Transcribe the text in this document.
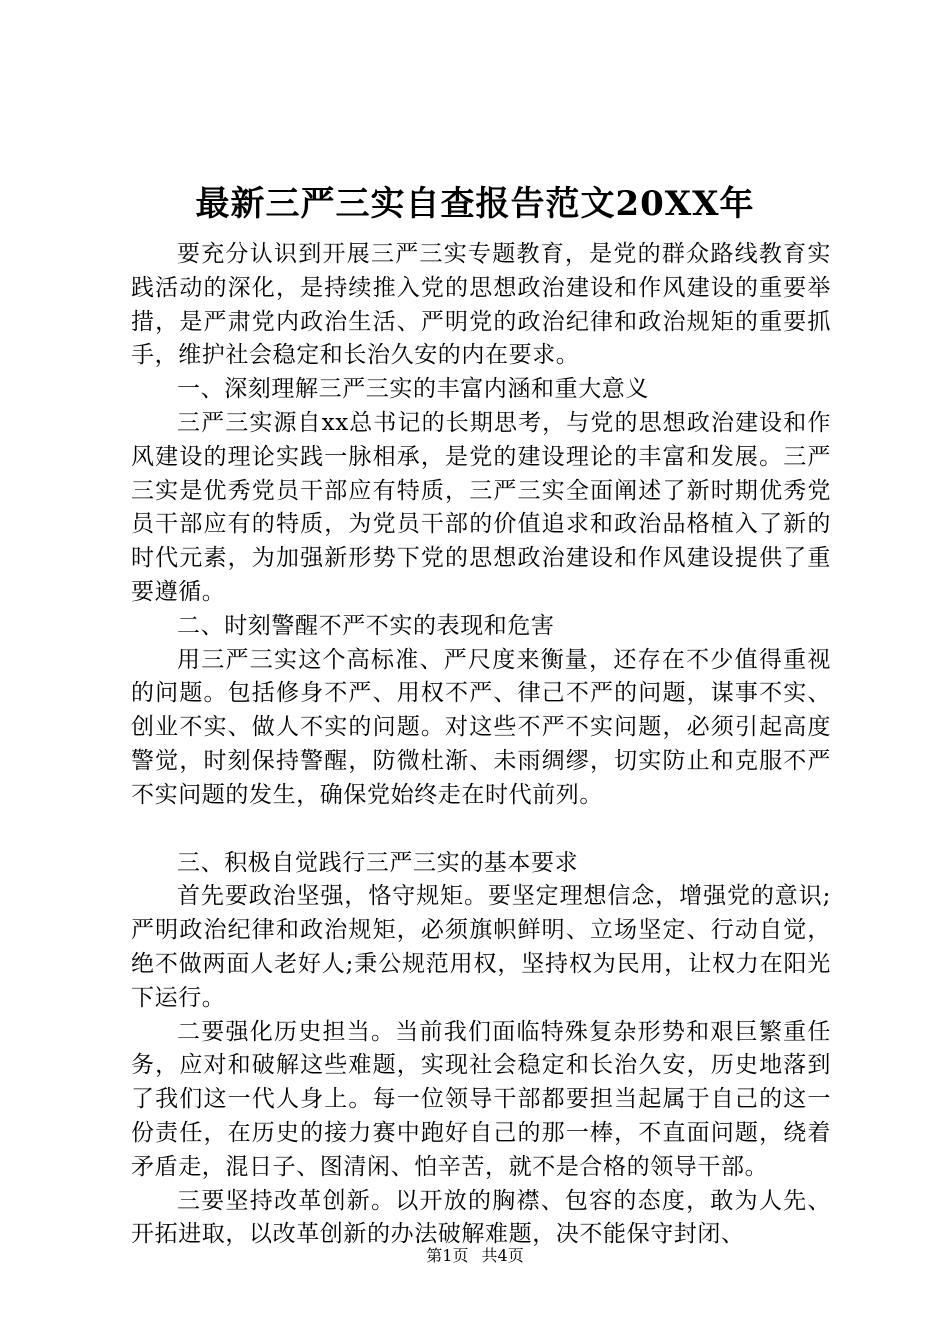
最新三严三实自查报告范文20XX年

要充分认识到开展三严三实专题教育，是党的群众路线教育实践活动的深化，是持续推入党的思想政治建设和作风建设的重要举措，是严肃党内政治生活、严明党的政治纪律和政治规矩的重要抓手，维护社会稳定和长治久安的内在要求。

一、深刻理解三严三实的丰富内涵和重大意义

三严三实源自xx总书记的长期思考，与党的思想政治建设和作风建设的理论实践一脉相承，是党的建设理论的丰富和发展。三严三实是优秀党员干部应有特质，三严三实全面阐述了新时期优秀党员干部应有的特质，为党员干部的价值追求和政治品格植入了新的时代元素，为加强新形势下党的思想政治建设和作风建设提供了重要遵循。

二、时刻警醒不严不实的表现和危害

用三严三实这个高标准、严尺度来衡量，还存在不少值得重视的问题。包括修身不严、用权不严、律己不严的问题，谋事不实、创业不实、做人不实的问题。对这些不严不实问题，必须引起高度警觉，时刻保持警醒，防微杜渐、未雨绸缪，切实防止和克服不严不实问题的发生，确保党始终走在时代前列。

三、积极自觉践行三严三实的基本要求

首先要政治坚强，恪守规矩。要坚定理想信念，增强党的意识;严明政治纪律和政治规矩，必须旗帜鲜明、立场坚定、行动自觉，绝不做两面人老好人;秉公规范用权，坚持权为民用，让权力在阳光下运行。

二要强化历史担当。当前我们面临特殊复杂形势和艰巨繁重任务，应对和破解这些难题，实现社会稳定和长治久安，历史地落到了我们这一代人身上。每一位领导干部都要担当起属于自己的这一份责任，在历史的接力赛中跑好自己的那一棒，不直面问题，绕着矛盾走，混日子、图清闲、怕辛苦，就不是合格的领导干部。

三要坚持改革创新。以开放的胸襟、包容的态度，敢为人先、开拓进取，以改革创新的办法破解难题，决不能保守封闭、

第1页 共4页
